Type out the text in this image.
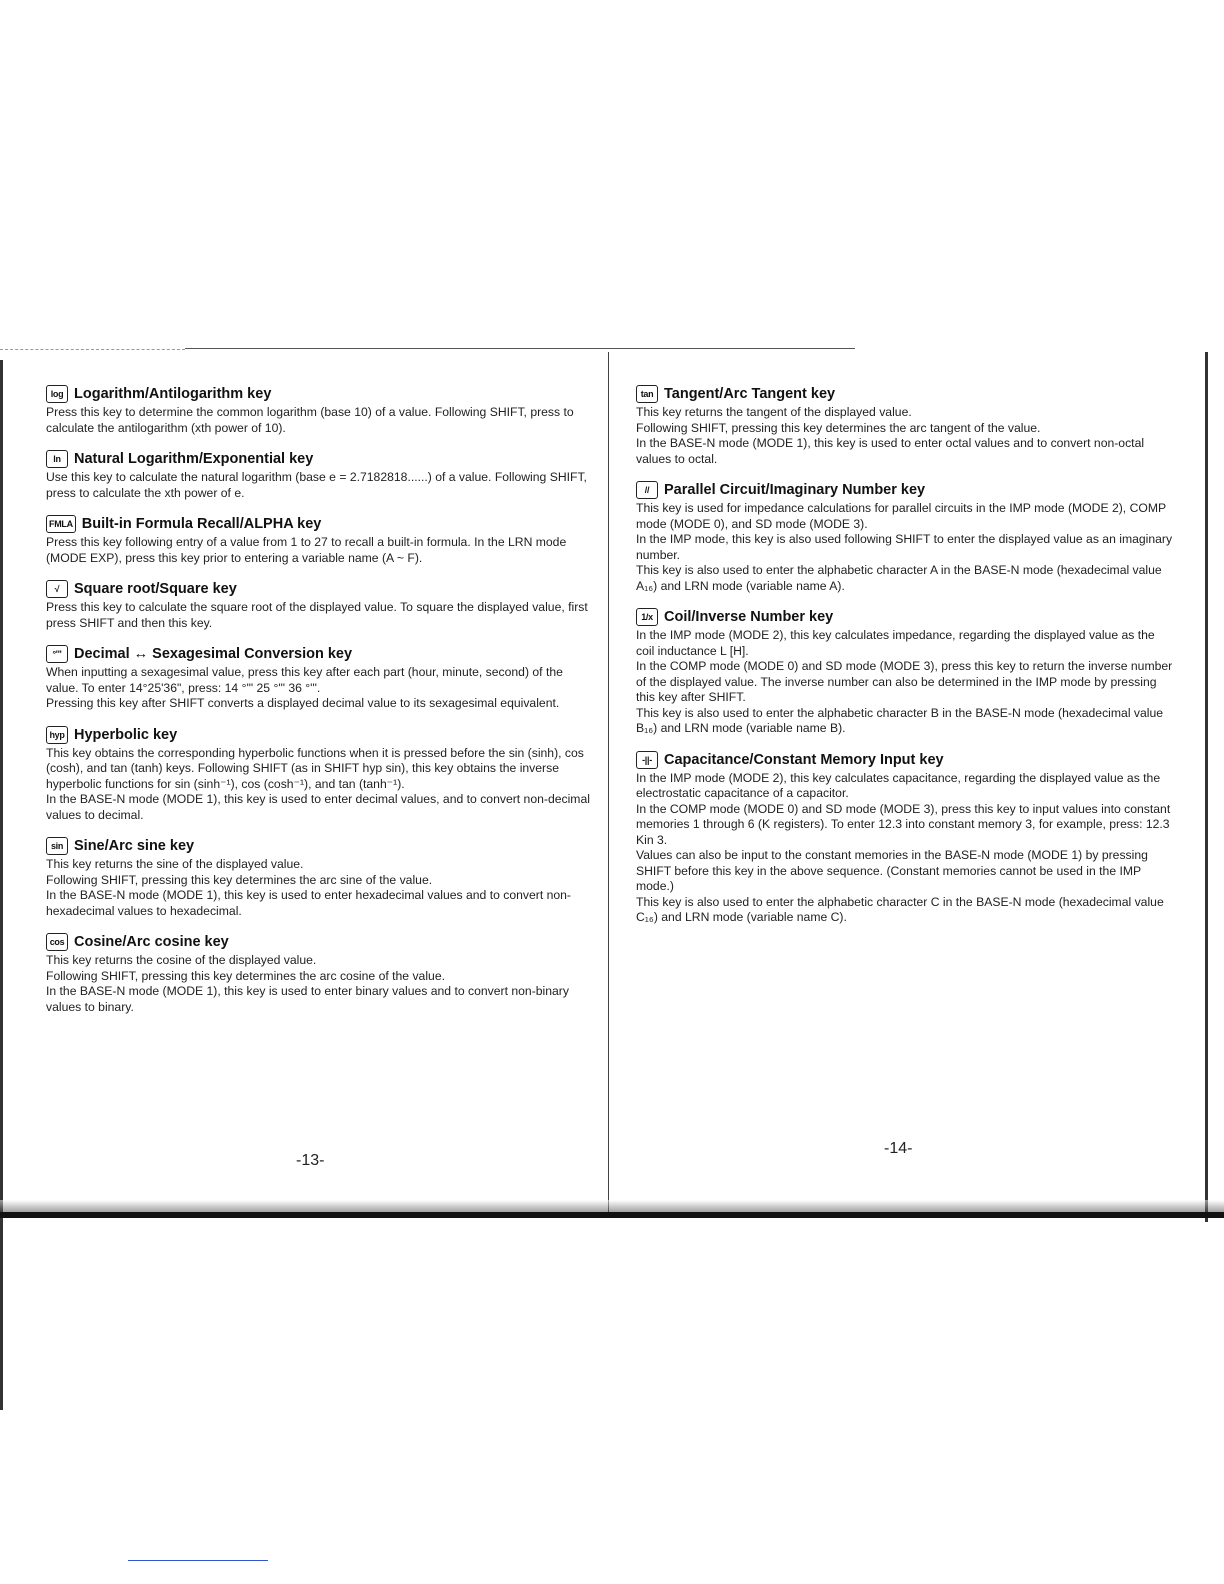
log Logarithm/Antilogarithm key

Press this key to determine the common logarithm (base 10) of a value. Following SHIFT, press to calculate the antilogarithm (xth power of 10).

ln Natural Logarithm/Exponential key

Use this key to calculate the natural logarithm (base e = 2.7182818......) of a value. Following SHIFT, press to calculate the xth power of e.

FMLA Built-in Formula Recall/ALPHA key

Press this key following entry of a value from 1 to 27 to recall a built-in formula. In the LRN mode (MODE EXP), press this key prior to entering a variable name (A ~ F).

√	Square root/Square key

Press this key to calculate the square root of the displayed value. To square the displayed value, first press SHIFT and then this key.

°'" Decimal ↔ Sexagesimal Conversion key

When inputting a sexagesimal value, press this key after each part (hour, minute, second) of the value. To enter 14°25'36", press: 14 °'" 25 °'" 36 °'".

Pressing this key after SHIFT converts a displayed decimal value to its sexagesimal equivalent.

hyp Hyperbolic key

This key obtains the corresponding hyperbolic functions when it is pressed before the sin (sinh), cos (cosh), and tan (tanh) keys. Following SHIFT (as in SHIFT hyp sin), this key obtains the inverse hyperbolic functions for sin (sinh⁻¹), cos (cosh⁻¹), and tan (tanh⁻¹).

In the BASE-N mode (MODE 1), this key is used to enter decimal values, and to convert non-decimal values to decimal.

sin Sine/Arc sine key

This key returns the sine of the displayed value.

Following SHIFT, pressing this key determines the arc sine of the value.

In the BASE-N mode (MODE 1), this key is used to enter hexadecimal values and to convert non-hexadecimal values to hexadecimal.

cos Cosine/Arc cosine key

This key returns the cosine of the displayed value.

Following SHIFT, pressing this key determines the arc cosine of the value.

In the BASE-N mode (MODE 1), this key is used to enter binary values and to convert non-binary values to binary.

-13-
tan Tangent/Arc Tangent key

This key returns the tangent of the displayed value.

Following SHIFT, pressing this key determines the arc tangent of the value.

In the BASE-N mode (MODE 1), this key is used to enter octal values and to convert non-octal values to octal.

//	Parallel Circuit/Imaginary Number key

This key is used for impedance calculations for parallel circuits in the IMP mode (MODE 2), COMP mode (MODE 0), and SD mode (MODE 3).

In the IMP mode, this key is also used following SHIFT to enter the displayed value as an imaginary number.

This key is also used to enter the alphabetic character A in the BASE-N mode (hexadecimal value A₁₆) and LRN mode (variable name A).

1/x Coil/Inverse Number key

In the IMP mode (MODE 2), this key calculates impedance, regarding the displayed value as the coil inductance L [H].

In the COMP mode (MODE 0) and SD mode (MODE 3), press this key to return the inverse number of the displayed value. The inverse number can also be determined in the IMP mode by pressing this key after SHIFT.

This key is also used to enter the alphabetic character B in the BASE-N mode (hexadecimal value B₁₆) and LRN mode (variable name B).

-||- Capacitance/Constant Memory Input key

In the IMP mode (MODE 2), this key calculates capacitance, regarding the displayed value as the electrostatic capacitance of a capacitor.

In the COMP mode (MODE 0) and SD mode (MODE 3), press this key to input values into constant memories 1 through 6 (K registers). To enter 12.3 into constant memory 3, for example, press: 12.3 Kin 3.

Values can also be input to the constant memories in the BASE-N mode (MODE 1) by pressing SHIFT before this key in the above sequence. (Constant memories cannot be used in the IMP mode.)

This key is also used to enter the alphabetic character C in the BASE-N mode (hexadecimal value C₁₆) and LRN mode (variable name C).

-14-
